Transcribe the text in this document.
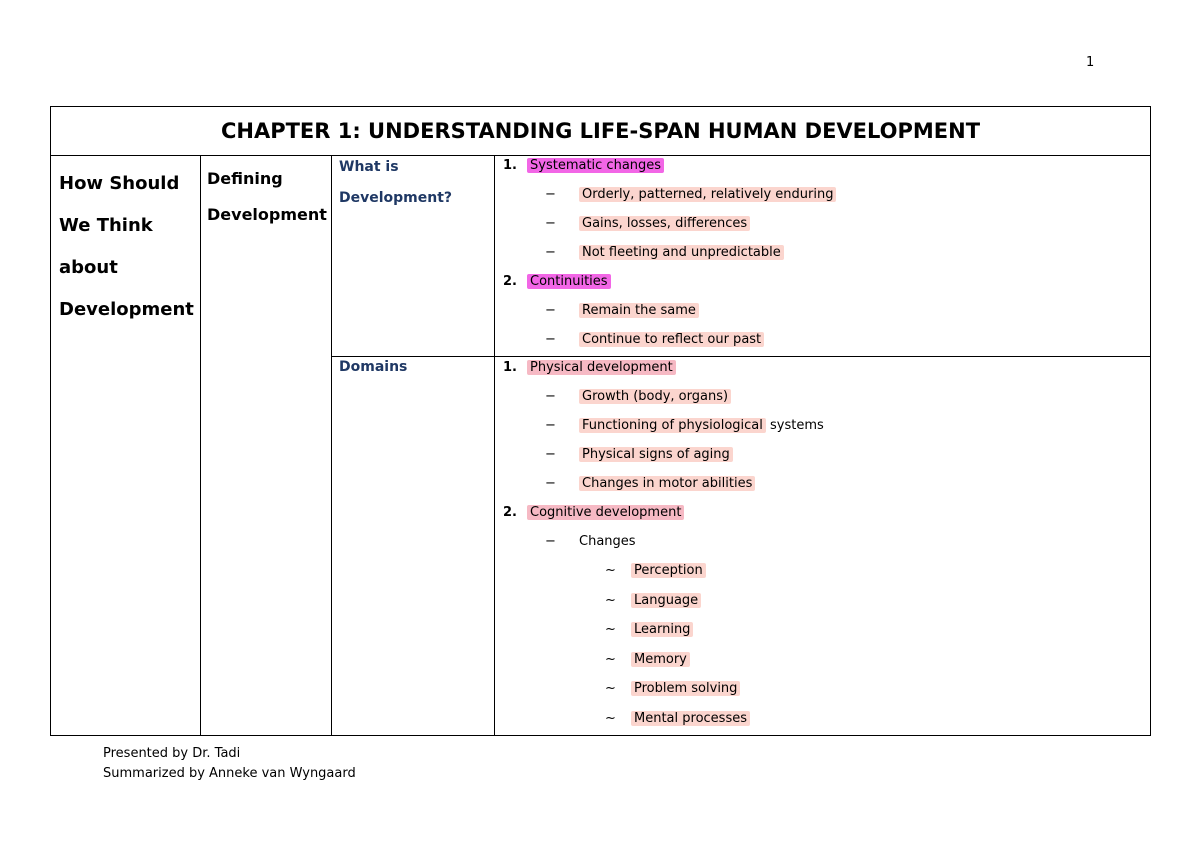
1
CHAPTER 1: UNDERSTANDING LIFE-SPAN HUMAN DEVELOPMENT
How Should
We Think
about
Development
Defining
Development
What is
Development?
Domains
1. Systematic changes
− Orderly, patterned, relatively enduring
− Gains, losses, differences
− Not fleeting and unpredictable
2. Continuities
− Remain the same
− Continue to reflect our past
1. Physical development
− Growth (body, organs)
− Functioning of physiological systems
− Physical signs of aging
− Changes in motor abilities
2. Cognitive development
− Changes
~ Perception
~ Language
~ Learning
~ Memory
~ Problem solving
~ Mental processes
Presented by Dr. Tadi
Summarized by Anneke van Wyngaard
